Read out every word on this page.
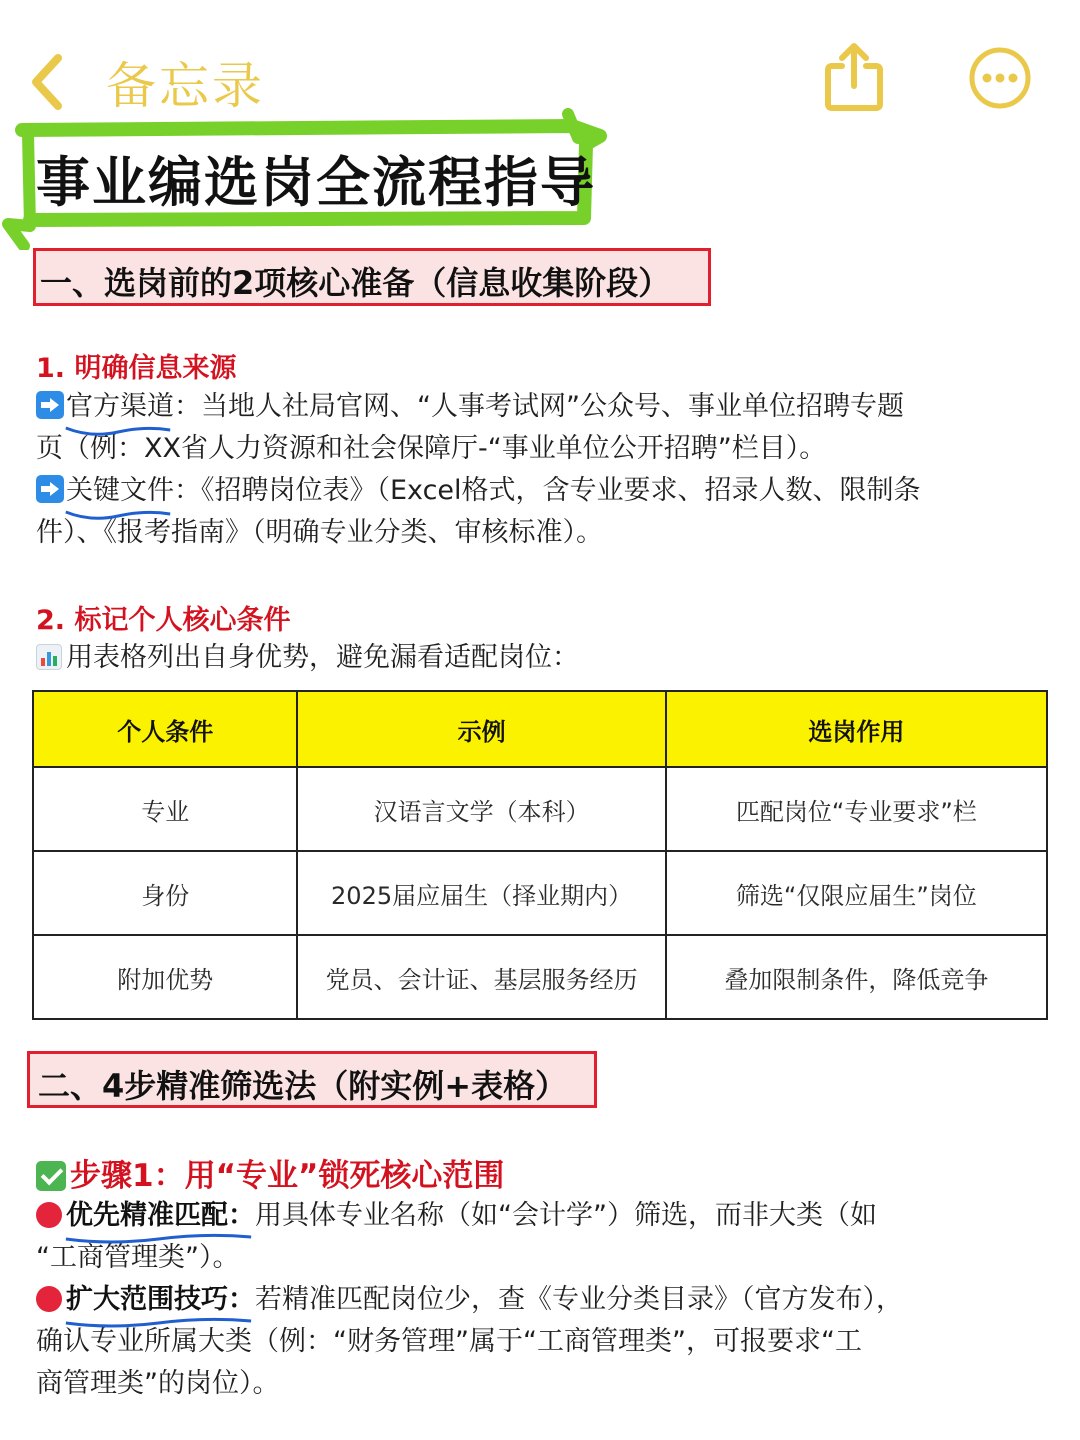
备忘录
事业编选岗全流程指导
一、选岗前的2项核心准备（信息收集阶段）
1. 明确信息来源
官方渠道
：当地人社局官网、“人事考试网”公众号、事业单位招聘专题
页（例：XX省人力资源和社会保障厅-“事业单位公开招聘”栏目）。
关键文件
：《招聘岗位表》（Excel格式，含专业要求、招录人数、限制条
件）、《报考指南》（明确专业分类、审核标准）。
2. 标记个人核心条件
用表格列出自身优势，避免漏看适配岗位：
个人条件	示例	选岗作用
专业	汉语言文学（本科）	匹配岗位“专业要求”栏
身份	2025届应届生（择业期内）	筛选“仅限应届生”岗位
附加优势	党员、会计证、基层服务经历	叠加限制条件，降低竞争
二、4步精准筛选法（附实例+表格）
步骤1：用“专业”锁死核心范围
优先精准匹配：
用具体专业名称（如“会计学”）筛选，而非大类（如
“工商管理类”）。
扩大范围技巧：
若精准匹配岗位少，查《专业分类目录》（官方发布），
确认专业所属大类（例：“财务管理”属于“工商管理类”，可报要求“工
商管理类”的岗位）。
